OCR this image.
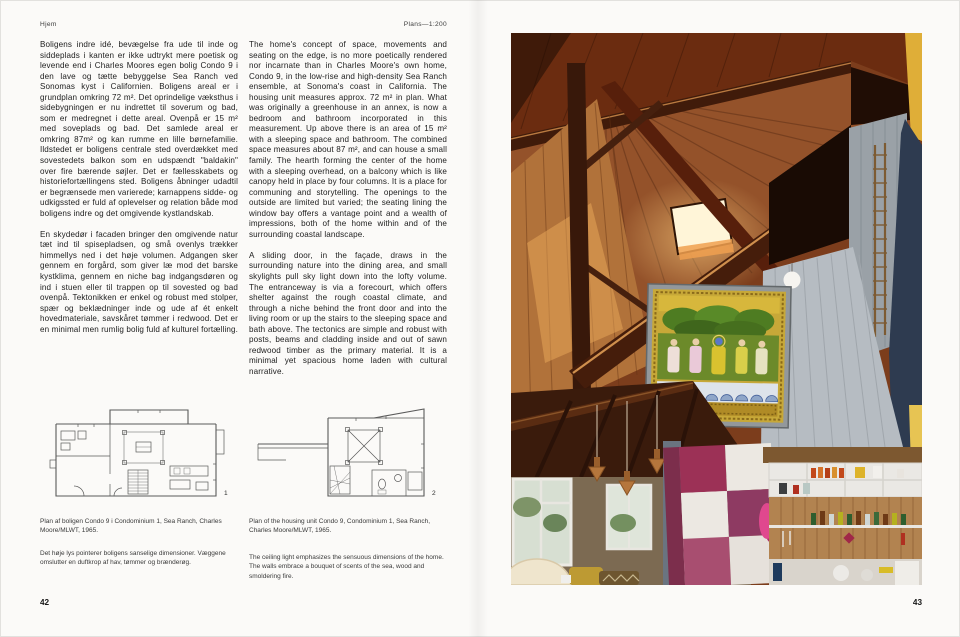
Hjem	Plans—1:200

Boligens indre idé, bevægelse fra ude til inde og siddeplads i kanten er ikke udtrykt mere poetisk og levende end i Charles Moores egen bolig Condo 9 i den lave og tætte bebyggelse Sea Ranch ved Sonomas kyst i Californien. Boligens areal er i grundplan omkring 72 m². Det oprindelige væksthus i sidebygningen er nu indrettet til soverum og bad, som er medregnet i dette areal. Ovenpå er 15 m² med soveplads og bad. Det samlede areal er omkring 87m² og kan rumme en lille børnefamilie. Ildstedet er boligens centrale sted overdækket med sovestedets balkon som en udspændt "baldakin" over fire bærende søjler. Det er fællesskabets og historiefortællingens sted. Boligens åbninger udadtil er begrænsede men varierede; karnappens sidde- og udkigssted er fuld af oplevelser og relation både mod boligens indre og det omgivende kystlandskab.

En skydedør i facaden bringer den omgivende natur tæt ind til spisepladsen, og små ovenlys trækker himmellys ned i det høje volumen. Adgangen sker gennem en forgård, som giver læ mod det barske kystklima, gennem en niche bag indgangsdøren og ind i stuen eller til trappen op til sovested og bad ovenpå. Tektonikken er enkel og robust med stolper, spær og beklædninger inde og ude af ét enkelt hovedmateriale, savskåret tømmer i redwood. Det er en minimal men rumlig bolig fuld af kulturel fortælling.

The home's concept of space, movements and seating on the edge, is no more poetically rendered nor incarnate than in Charles Moore's own home, Condo 9, in the low-rise and high-density Sea Ranch ensemble, at Sonoma's coast in California. The housing unit measures approx. 72 m² in plan. What was originally a greenhouse in an annex, is now a bedroom and bathroom incorporated in this measurement. Up above there is an area of 15 m² with a sleeping space and bathroom. The combined space measures about 87 m², and can house a small family. The hearth forming the center of the home with a sleeping overhead, on a balcony which is like canopy held in place by four columns. It is a place for communing and storytelling. The openings to the outside are limited but varied; the seating lining the window bay offers a vantage point and a wealth of impressions, both of the home within and of the surrounding coastal landscape.

A sliding door, in the façade, draws in the surrounding nature into the dining area, and small skylights pull sky light down into the lofty volume. The entranceway is via a forecourt, which offers shelter against the rough coastal climate, and through a niche behind the front door and into the living room or up the stairs to the sleeping space and bath above. The tectonics are simple and robust with posts, beams and cladding inside and out of sawn redwood timber as the primary material. It is a minimal yet spacious home laden with cultural narrative.

1	2
Plan af boligen Condo 9 i Condominium 1, Sea Ranch, Charles Moore/MLWT, 1965.
Plan of the housing unit Condo 9, Condominium 1, Sea Ranch, Charles Moore/MLWT, 1965.
Det høje lys pointerer boligens sanselige dimensioner. Væggene omslutter en duftkrop af hav, tømmer og brænderøg.
The ceiling light emphasizes the sensuous dimensions of the home. The walls embrace a bouquet of scents of the sea, wood and smoldering fire.
42	43
